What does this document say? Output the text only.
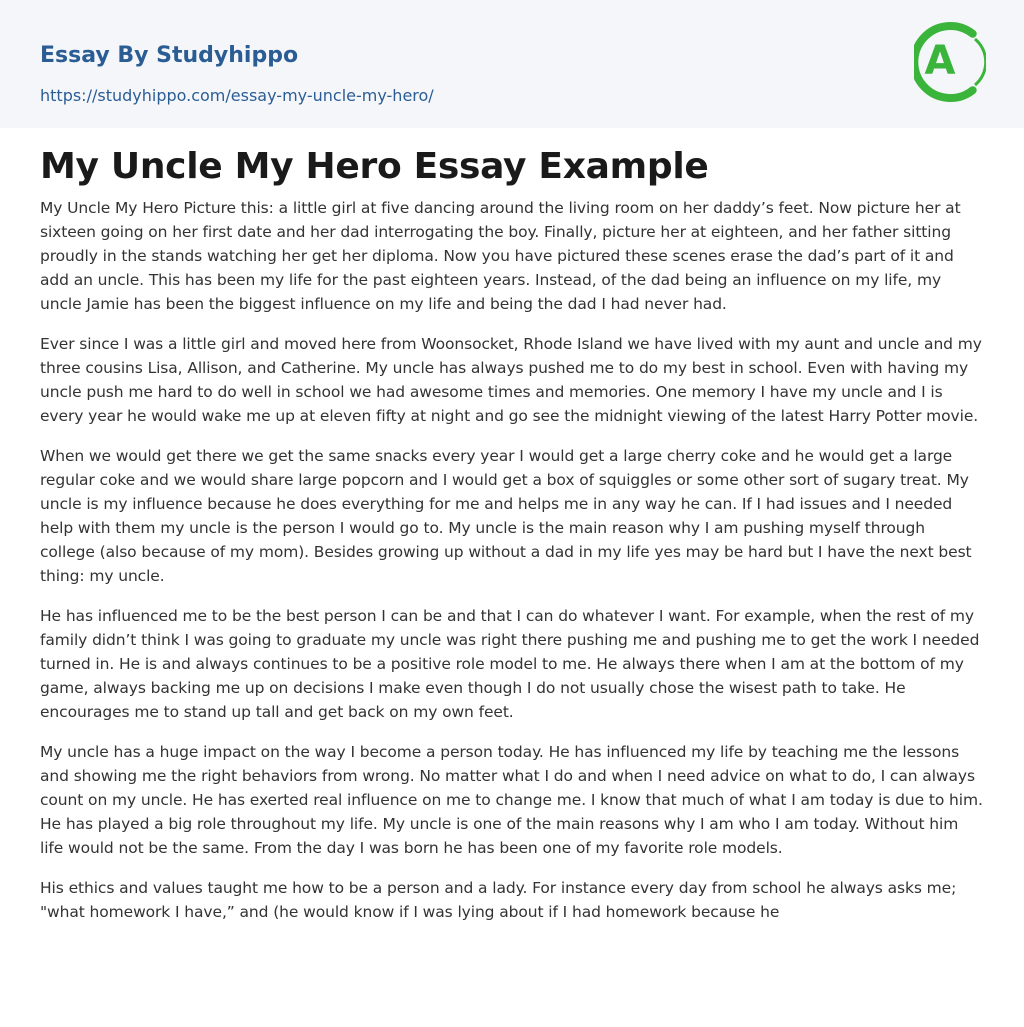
Essay By Studyhippo
https://studyhippo.com/essay-my-uncle-my-hero/
A
My Uncle My Hero Essay Example

My Uncle My Hero Picture this: a little girl at five dancing around the living room on her daddy’s feet. Now picture her at sixteen going on her first date and her dad interrogating the boy. Finally, picture her at eighteen, and her father sitting proudly in the stands watching her get her diploma. Now you have pictured these scenes erase the dad’s part of it and add an uncle. This has been my life for the past eighteen years. Instead, of the dad being an influence on my life, my uncle Jamie has been the biggest influence on my life and being the dad I had never had.

Ever since I was a little girl and moved here from Woonsocket, Rhode Island we have lived with my aunt and uncle and my three cousins Lisa, Allison, and Catherine. My uncle has always pushed me to do my best in school. Even with having my uncle push me hard to do well in school we had awesome times and memories. One memory I have my uncle and I is every year he would wake me up at eleven fifty at night and go see the midnight viewing of the latest Harry Potter movie.

When we would get there we get the same snacks every year I would get a large cherry coke and he would get a large regular coke and we would share large popcorn and I would get a box of squiggles or some other sort of sugary treat. My uncle is my influence because he does everything for me and helps me in any way he can. If I had issues and I needed help with them my uncle is the person I would go to. My uncle is the main reason why I am pushing myself through college (also because of my mom). Besides growing up without a dad in my life yes may be hard but I have the next best thing: my uncle.

He has influenced me to be the best person I can be and that I can do whatever I want. For example, when the rest of my family didn’t think I was going to graduate my uncle was right there pushing me and pushing me to get the work I needed turned in. He is and always continues to be a positive role model to me. He always there when I am at the bottom of my game, always backing me up on decisions I make even though I do not usually chose the wisest path to take. He encourages me to stand up tall and get back on my own feet.

My uncle has a huge impact on the way I become a person today. He has influenced my life by teaching me the lessons and showing me the right behaviors from wrong. No matter what I do and when I need advice on what to do, I can always count on my uncle. He has exerted real influence on me to change me. I know that much of what I am today is due to him. He has played a big role throughout my life. My uncle is one of the main reasons why I am who I am today. Without him life would not be the same. From the day I was born he has been one of my favorite role models.

His ethics and values taught me how to be a person and a lady. For instance every day from school he always asks me; "what homework I have,” and (he would know if I was lying about if I had homework because he
